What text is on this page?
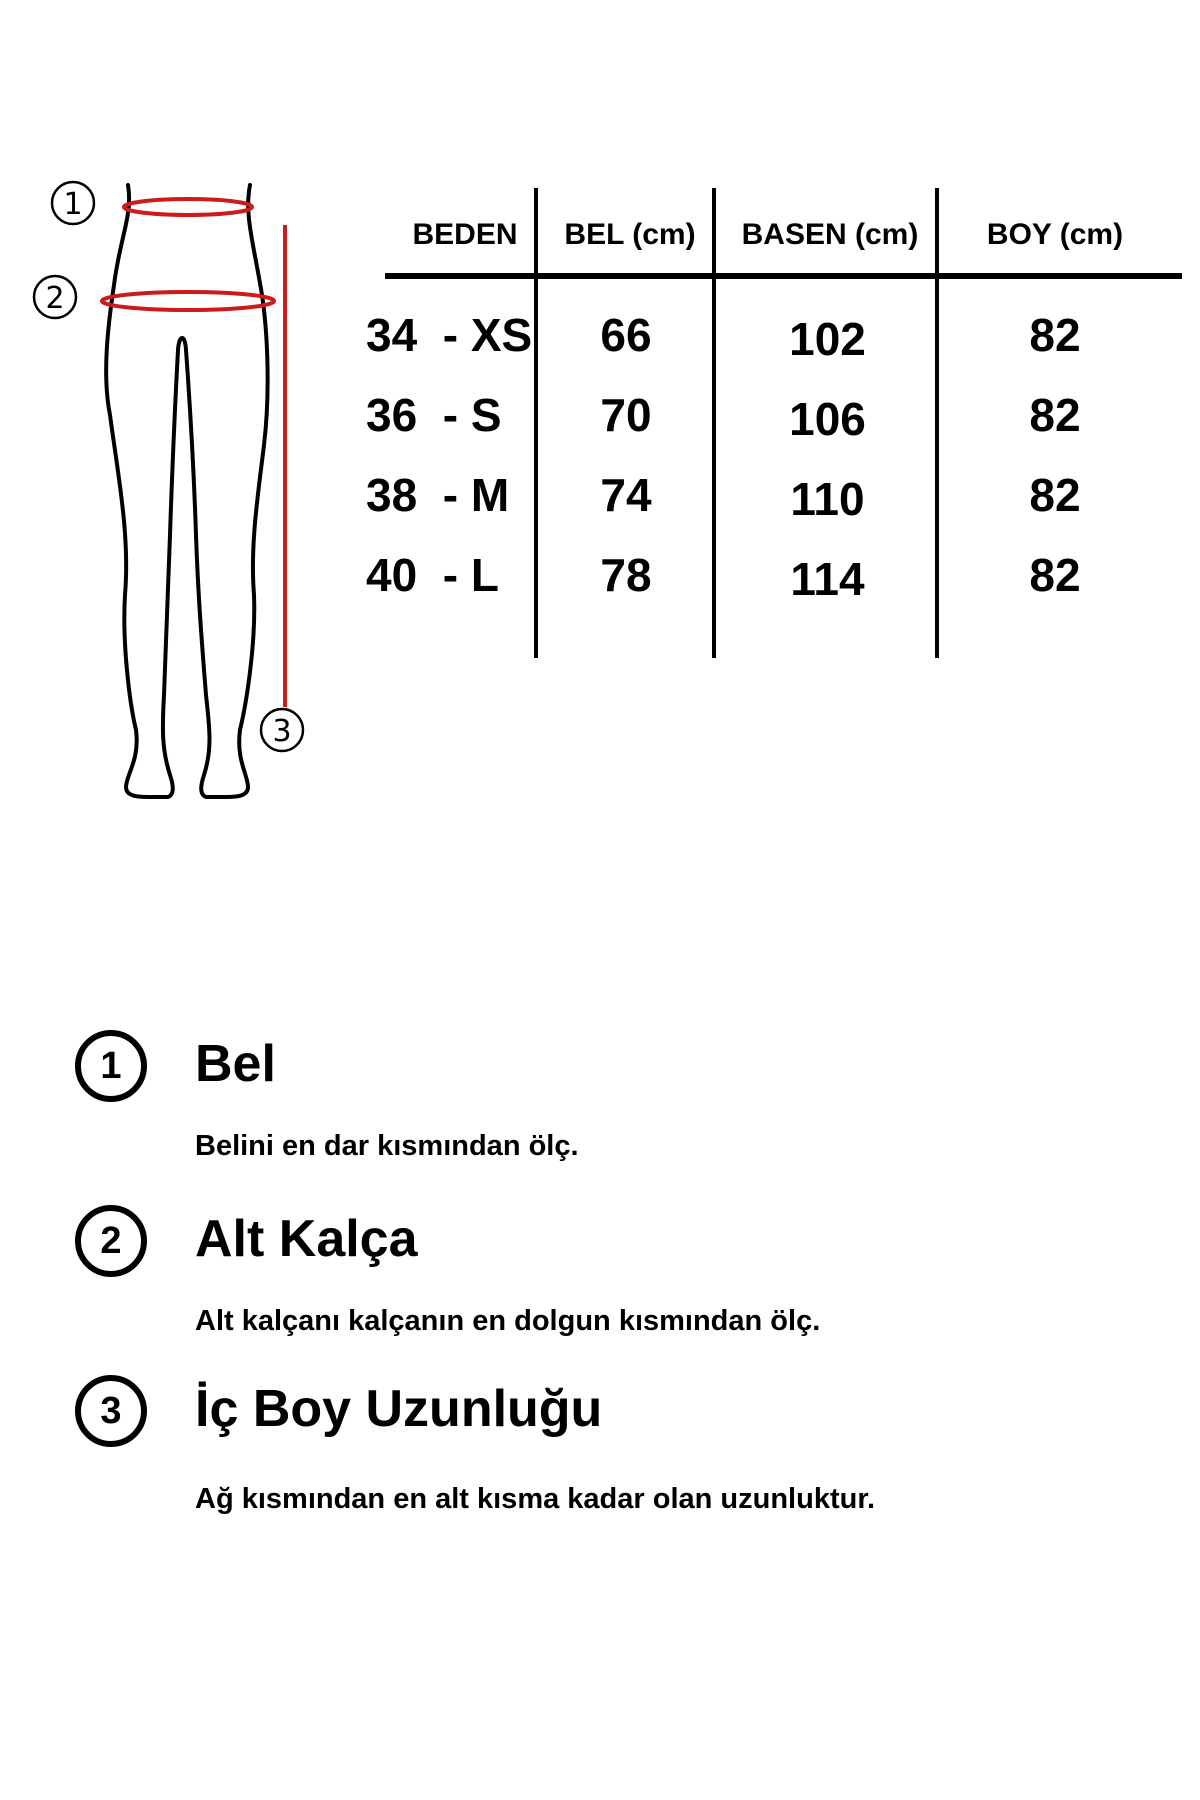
1
2
3
BEDEN	BEL (cm)	BASEN (cm)	BOY (cm)
34  - XS	66	102	82
36  - S	70	106	82
38  - M	74	110	82
40  - L	78	114	82
1	Bel
Belini en dar kısmından ölç.
2	Alt Kalça
Alt kalçanı kalçanın en dolgun kısmından ölç.
3	İç Boy Uzunluğu
Ağ kısmından en alt kısma kadar olan uzunluktur.
